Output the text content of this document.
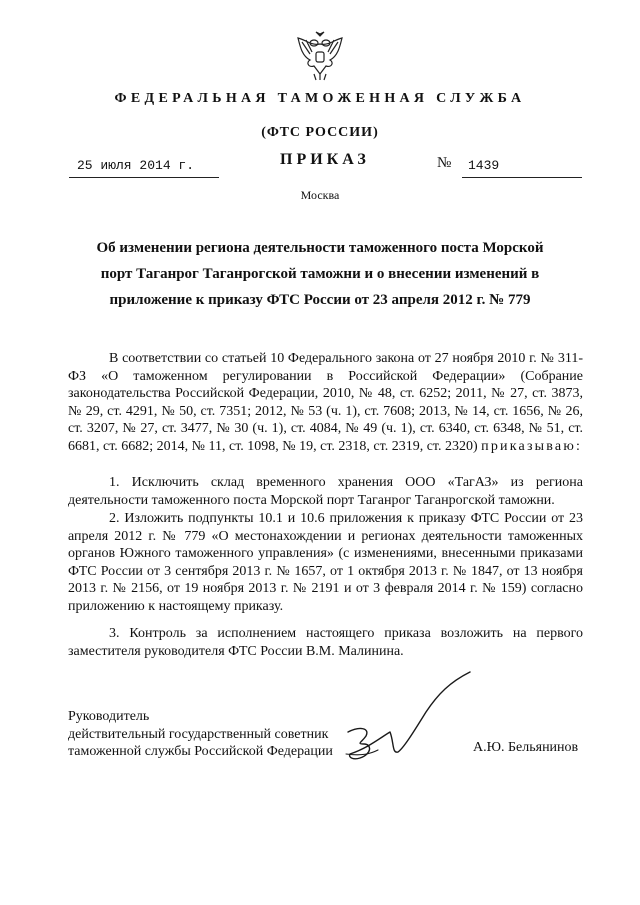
ФЕДЕРАЛЬНАЯ ТАМОЖЕННАЯ СЛУЖБА
(ФТС РОССИИ)
25 июля 2014 г.	ПРИКАЗ	№ 1439
Москва
Об изменении региона деятельности таможенного поста Морской порт Таганрог Таганрогской таможни и о внесении изменений в приложение к приказу ФТС России от 23 апреля 2012 г. № 779
В соответствии со статьей 10 Федерального закона от 27 ноября 2010 г. № 311-ФЗ «О таможенном регулировании в Российской Федерации» (Собрание законодательства Российской Федерации, 2010, № 48, ст. 6252; 2011, № 27, ст. 3873, № 29, ст. 4291, № 50, ст. 7351; 2012, № 53 (ч. 1), ст. 7608; 2013, № 14, ст. 1656, № 26, ст. 3207, № 27, ст. 3477, № 30 (ч. 1), ст. 4084, № 49 (ч. 1), ст. 6340, ст. 6348, № 51, ст. 6681, ст. 6682; 2014, № 11, ст. 1098, № 19, ст. 2318, ст. 2319, ст. 2320) приказываю:
1. Исключить склад временного хранения ООО «ТагАЗ» из региона деятельности таможенного поста Морской порт Таганрог Таганрогской таможни.
2. Изложить подпункты 10.1 и 10.6 приложения к приказу ФТС России от 23 апреля 2012 г. № 779 «О местонахождении и регионах деятельности таможенных органов Южного таможенного управления» (с изменениями, внесенными приказами ФТС России от 3 сентября 2013 г. № 1657, от 1 октября 2013 г. № 1847, от 13 ноября 2013 г. № 2156, от 19 ноября 2013 г. № 2191 и от 3 февраля 2014 г. № 159) согласно приложению к настоящему приказу.
3. Контроль за исполнением настоящего приказа возложить на первого заместителя руководителя ФТС России В.М. Малинина.
Руководитель
действительный государственный советник
таможенной службы Российской Федерации	А.Ю. Бельянинов
